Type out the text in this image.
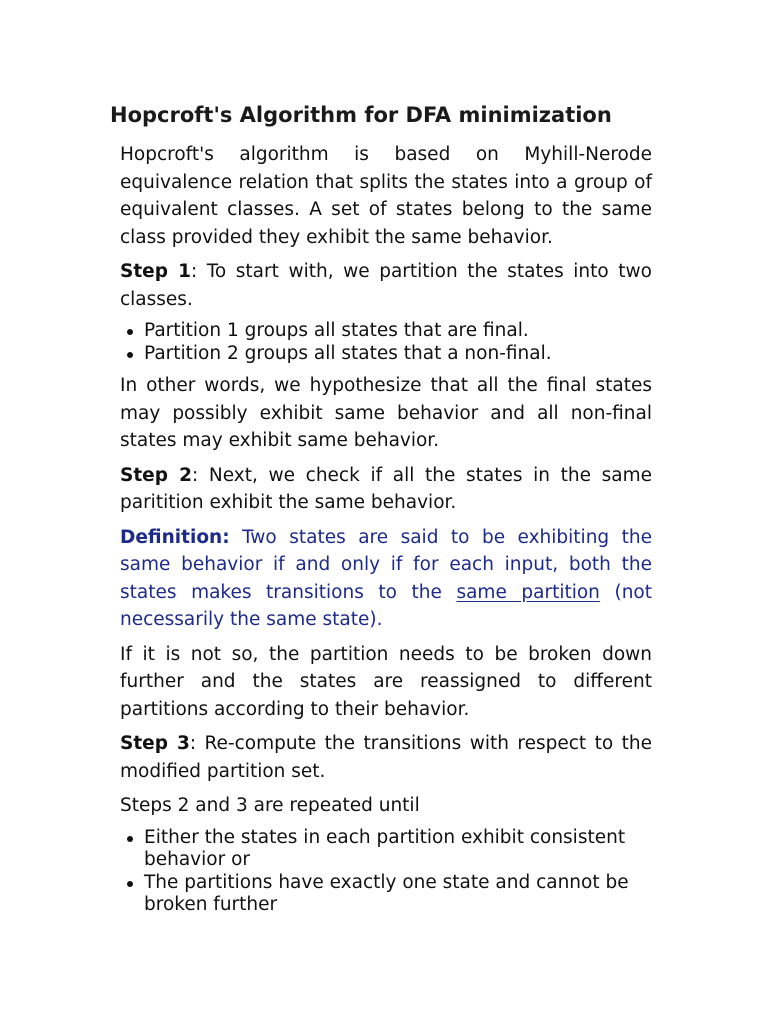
Hopcroft's Algorithm for DFA minimization

Hopcroft's algorithm is based on Myhill-Nerode equivalence relation that splits the states into a group of equivalent classes. A set of states belong to the same class provided they exhibit the same behavior.

Step 1: To start with, we partition the states into two classes.

Partition 1 groups all states that are final.
Partition 2 groups all states that a non-final.

In other words, we hypothesize that all the final states may possibly exhibit same behavior and all non-final states may exhibit same behavior.

Step 2: Next, we check if all the states in the same paritition exhibit the same behavior.

Definition: Two states are said to be exhibiting the same behavior if and only if for each input, both the states makes transitions to the same partition (not necessarily the same state).

If it is not so, the partition needs to be broken down further and the states are reassigned to different partitions according to their behavior.

Step 3: Re-compute the transitions with respect to the modified partition set.

Steps 2 and 3 are repeated until

Either the states in each partition exhibit consistent behavior or
The partitions have exactly one state and cannot be broken further
